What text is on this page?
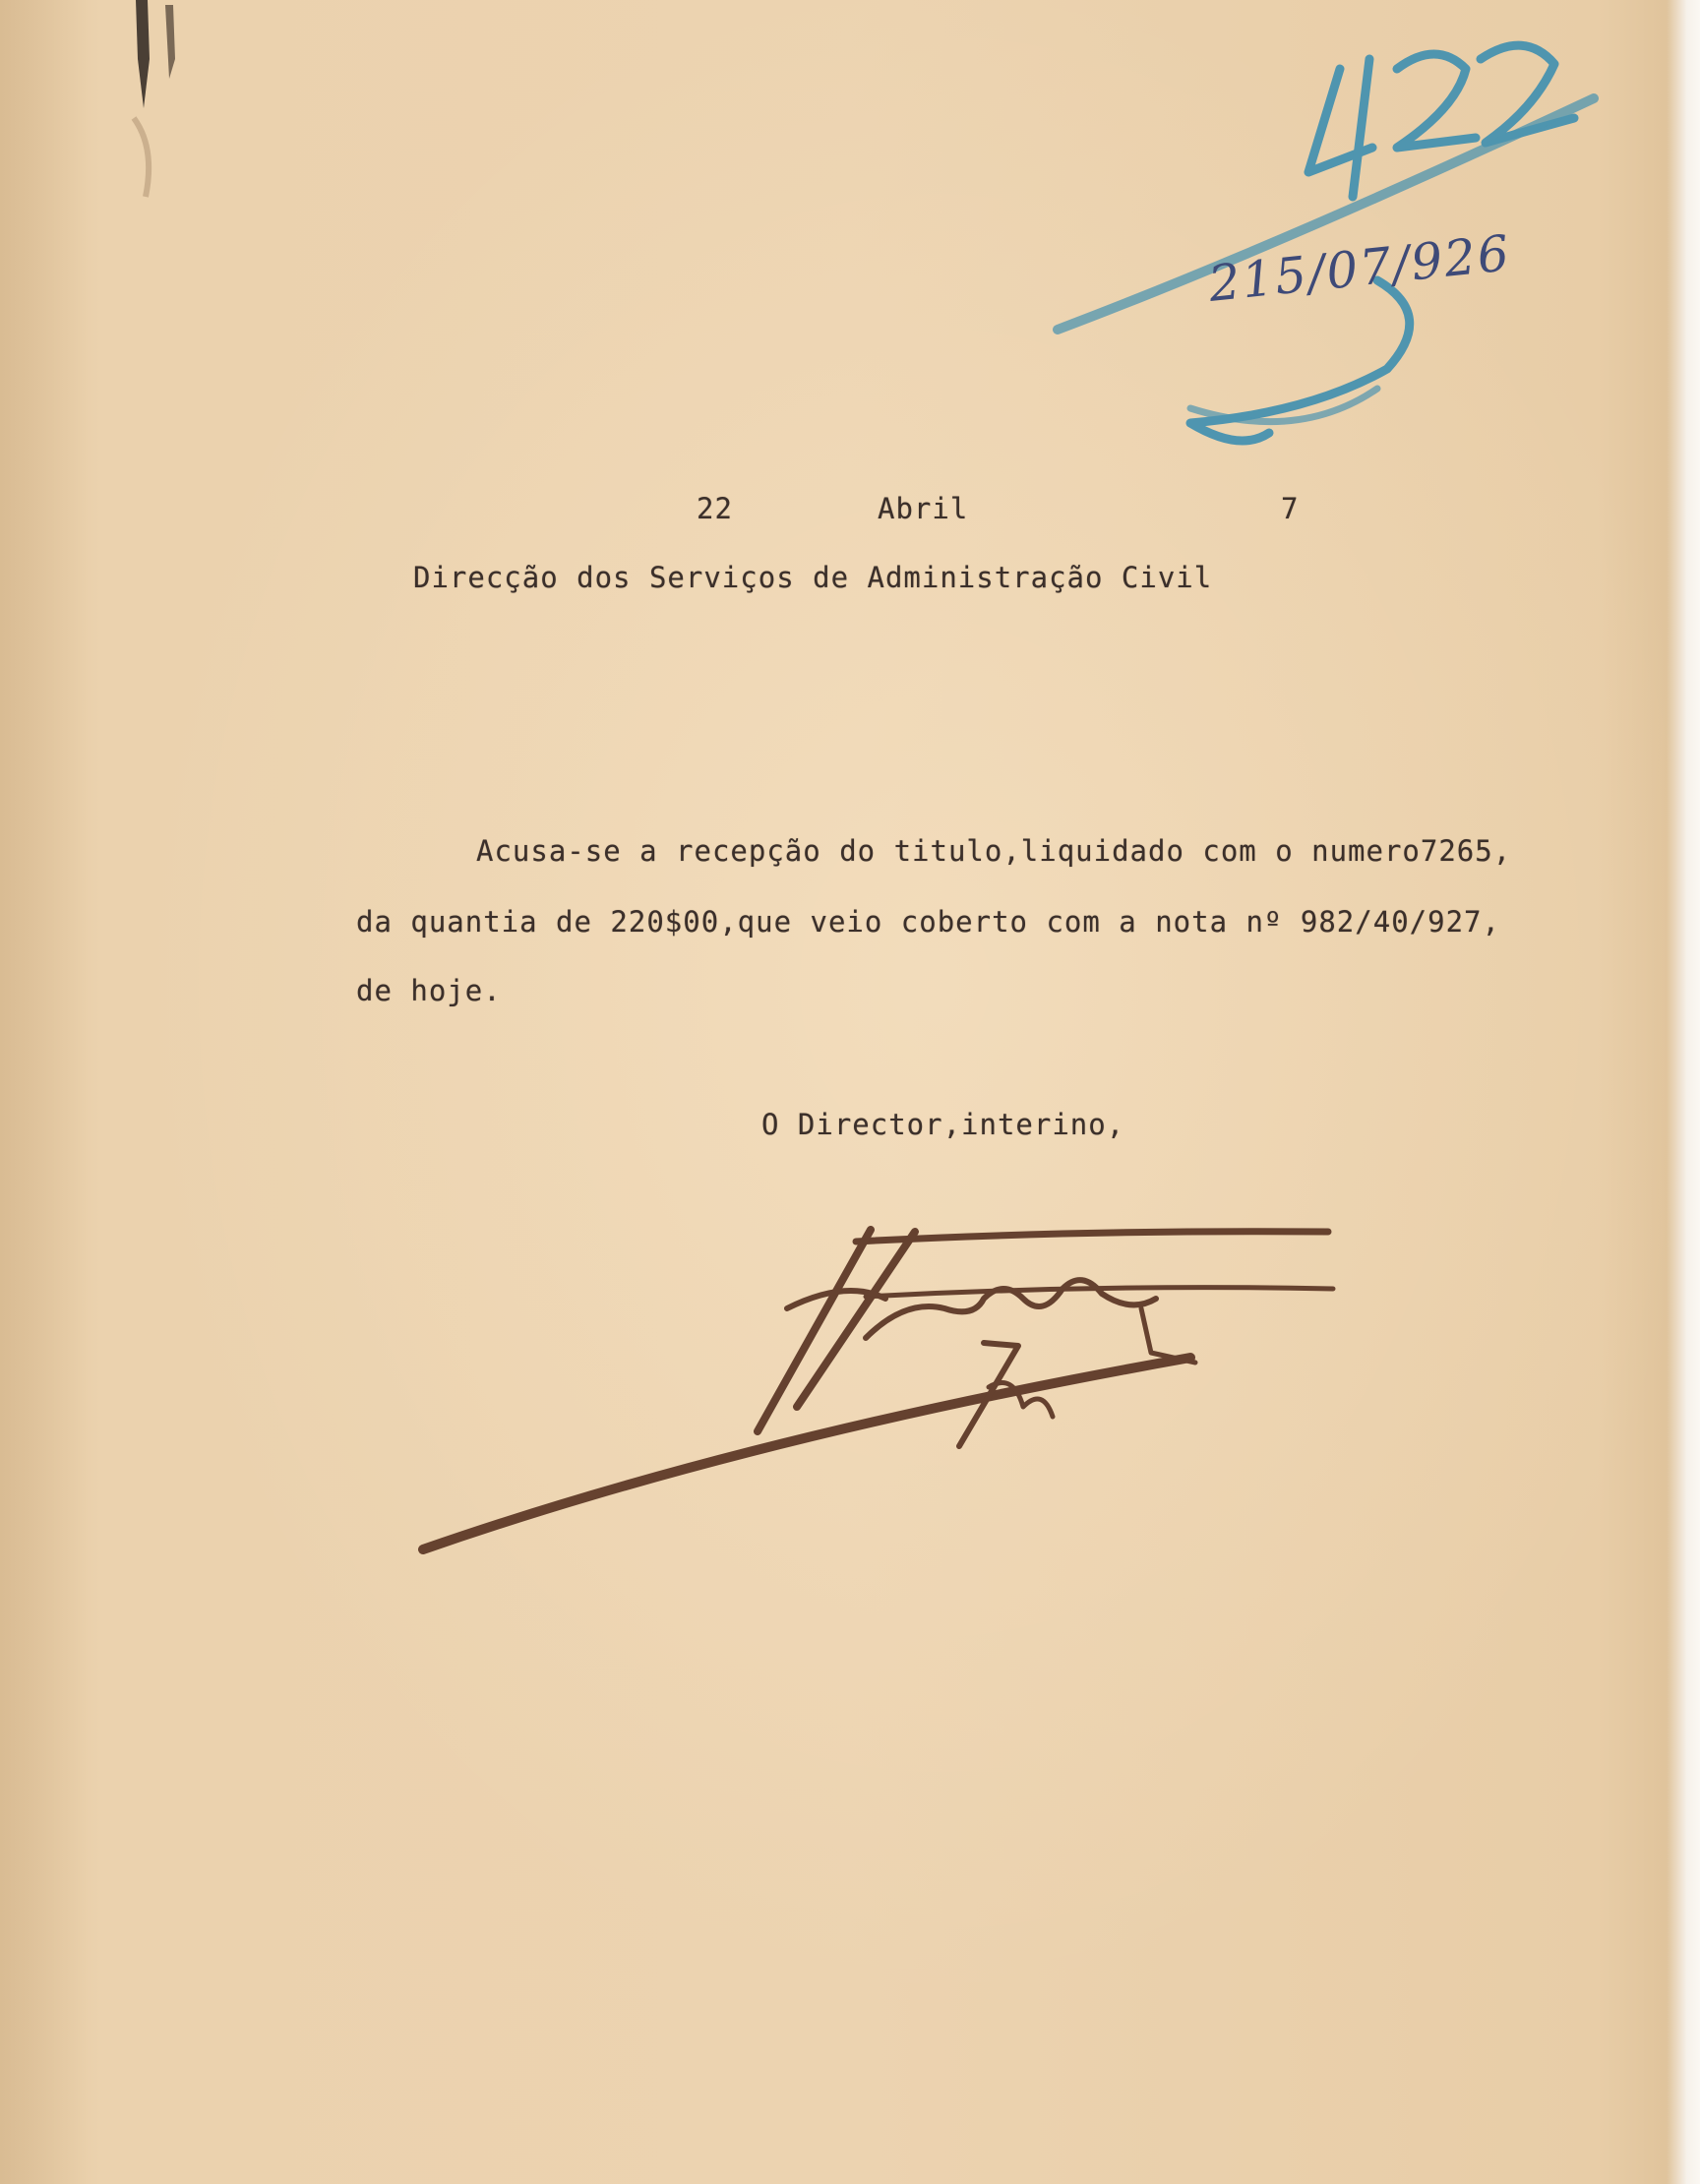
215/07/926
22	Abril	7
Direcção dos Serviços de Administração Civil
Acusa-se a recepção do titulo,liquidado com o numero7265,
da quantia de 220$00,que veio coberto com a nota nº 982/40/927,
de hoje.
O Director,interino,
